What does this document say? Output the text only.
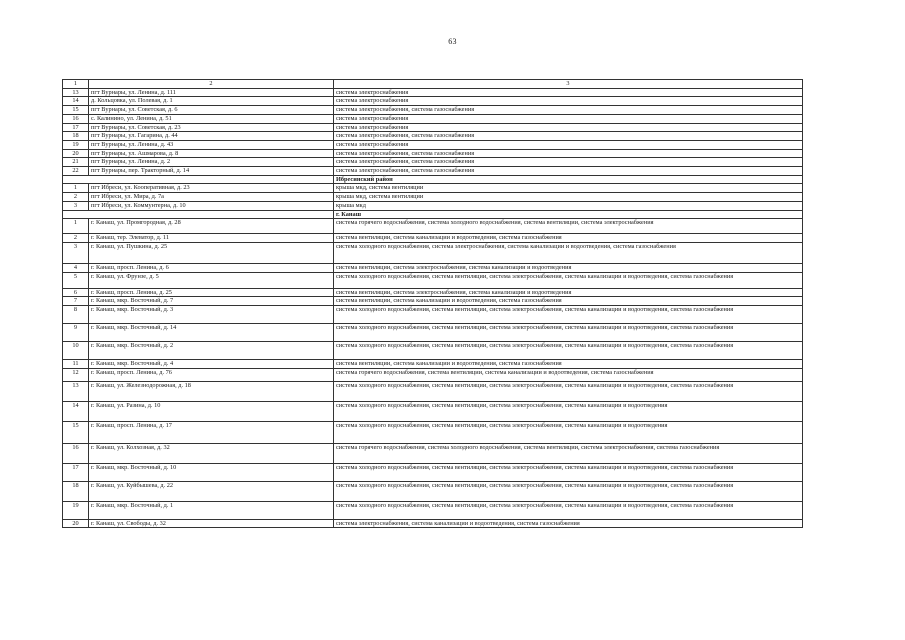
63
1	2	3
13	пгт Вурнары, ул. Ленина, д. 111	система электроснабжения
14	д. Кольцовка, ул. Полевая, д. 1	система электроснабжения
15	пгт Вурнары, ул. Советская, д. 6	система электроснабжения, система газоснабжения
16	с. Калинино, ул. Ленина, д. 51	система электроснабжения
17	пгт Вурнары, ул. Советская, д. 23	система электроснабжения
18	пгт Вурнары, ул. Гагарина, д. 44	система электроснабжения, система газоснабжения
19	пгт Вурнары, ул. Ленина, д. 43	система электроснабжения
20	пгт Вурнары, ул. Ашмарова, д. 8	система электроснабжения, система газоснабжения
21	пгт Вурнары, ул. Ленина, д. 2	система электроснабжения, система газоснабжения
22	пгт Вурнары, пер. Тракторный, д. 14	система электроснабжения, система газоснабжения
		Ибресинский район
1	пгт Ибреси, ул. Кооперативная, д. 23	крыша мкд, система вентиляции
2	пгт Ибреси, ул. Мира, д. 7а	крыша мкд, система вентиляции
3	пгт Ибреси, ул. Коммунтерна, д. 10	крыша мкд
		г. Канаш
1	г. Канаш, ул. Промгородная, д. 28	система горячего водоснабжения, система холодного водоснабжения, система вентиляции, система электроснабжения
2	г. Канаш, тер. Элеватор, д. 11	система вентиляции, система канализации и водоотведения, система газоснабжения
3	г. Канаш, ул. Пушкина, д. 25	система холодного водоснабжения, система электроснабжения, система канализации и водоотведения, система газоснабжения
4	г. Канаш, просп. Ленина, д. 6	система вентиляции, система электроснабжения, система канализации и водоотведения
5	г. Канаш, ул. Фрунзе, д. 5	система холодного водоснабжения, система вентиляции, система электроснабжения, система канализации и водоотведения, система газоснабжения
6	г. Канаш, просп. Ленина, д. 25	система вентиляции, система электроснабжения, система канализации и водоотведения
7	г. Канаш, мкр. Восточный, д. 7	система вентиляции, система канализации и водоотведения, система газоснабжения
8	г. Канаш, мкр. Восточный, д. 3	система холодного водоснабжения, система вентиляции, система электроснабжения, система канализации и водоотведения, система газоснабжения
9	г. Канаш, мкр. Восточный, д. 14	система холодного водоснабжения, система вентиляции, система электроснабжения, система канализации и водоотведения, система газоснабжения
10	г. Канаш, мкр. Восточный, д. 2	система холодного водоснабжения, система вентиляции, система электроснабжения, система канализации и водоотведения, система газоснабжения
11	г. Канаш, мкр. Восточный, д. 4	система вентиляции, система канализации и водоотведения, система газоснабжения
12	г. Канаш, просп. Ленина, д. 76	система горячего водоснабжения, система вентиляции, система канализации и водоотведения, система газоснабжения
13	г. Канаш, ул. Железнодорожная, д. 18	система холодного водоснабжения, система вентиляции, система электроснабжения, система канализации и водоотведения, система газоснабжения
14	г. Канаш, ул. Разина, д. 10	система холодного водоснабжения, система вентиляции, система электроснабжения, система канализации и водоотведения
15	г. Канаш, просп. Ленина, д. 17	система холодного водоснабжения, система вентиляции, система электроснабжения, система канализации и водоотведения
16	г. Канаш, ул. Колхозная, д. 32	система горячего водоснабжения, система холодного водоснабжения, система вентиляции, система электроснабжения, система газоснабжения
17	г. Канаш, мкр. Восточный, д. 10	система холодного водоснабжения, система вентиляции, система электроснабжения, система канализации и водоотведения, система газоснабжения
18	г. Канаш, ул. Куйбышева, д. 22	система холодного водоснабжения, система вентиляции, система электроснабжения, система канализации и водоотведения, система газоснабжения
19	г. Канаш, мкр. Восточный, д. 1	система холодного водоснабжения, система вентиляции, система электроснабжения, система канализации и водоотведения, система газоснабжения
20	г. Канаш, ул. Свободы, д. 32	система электроснабжения, система канализации и водоотведения, система газоснабжения
